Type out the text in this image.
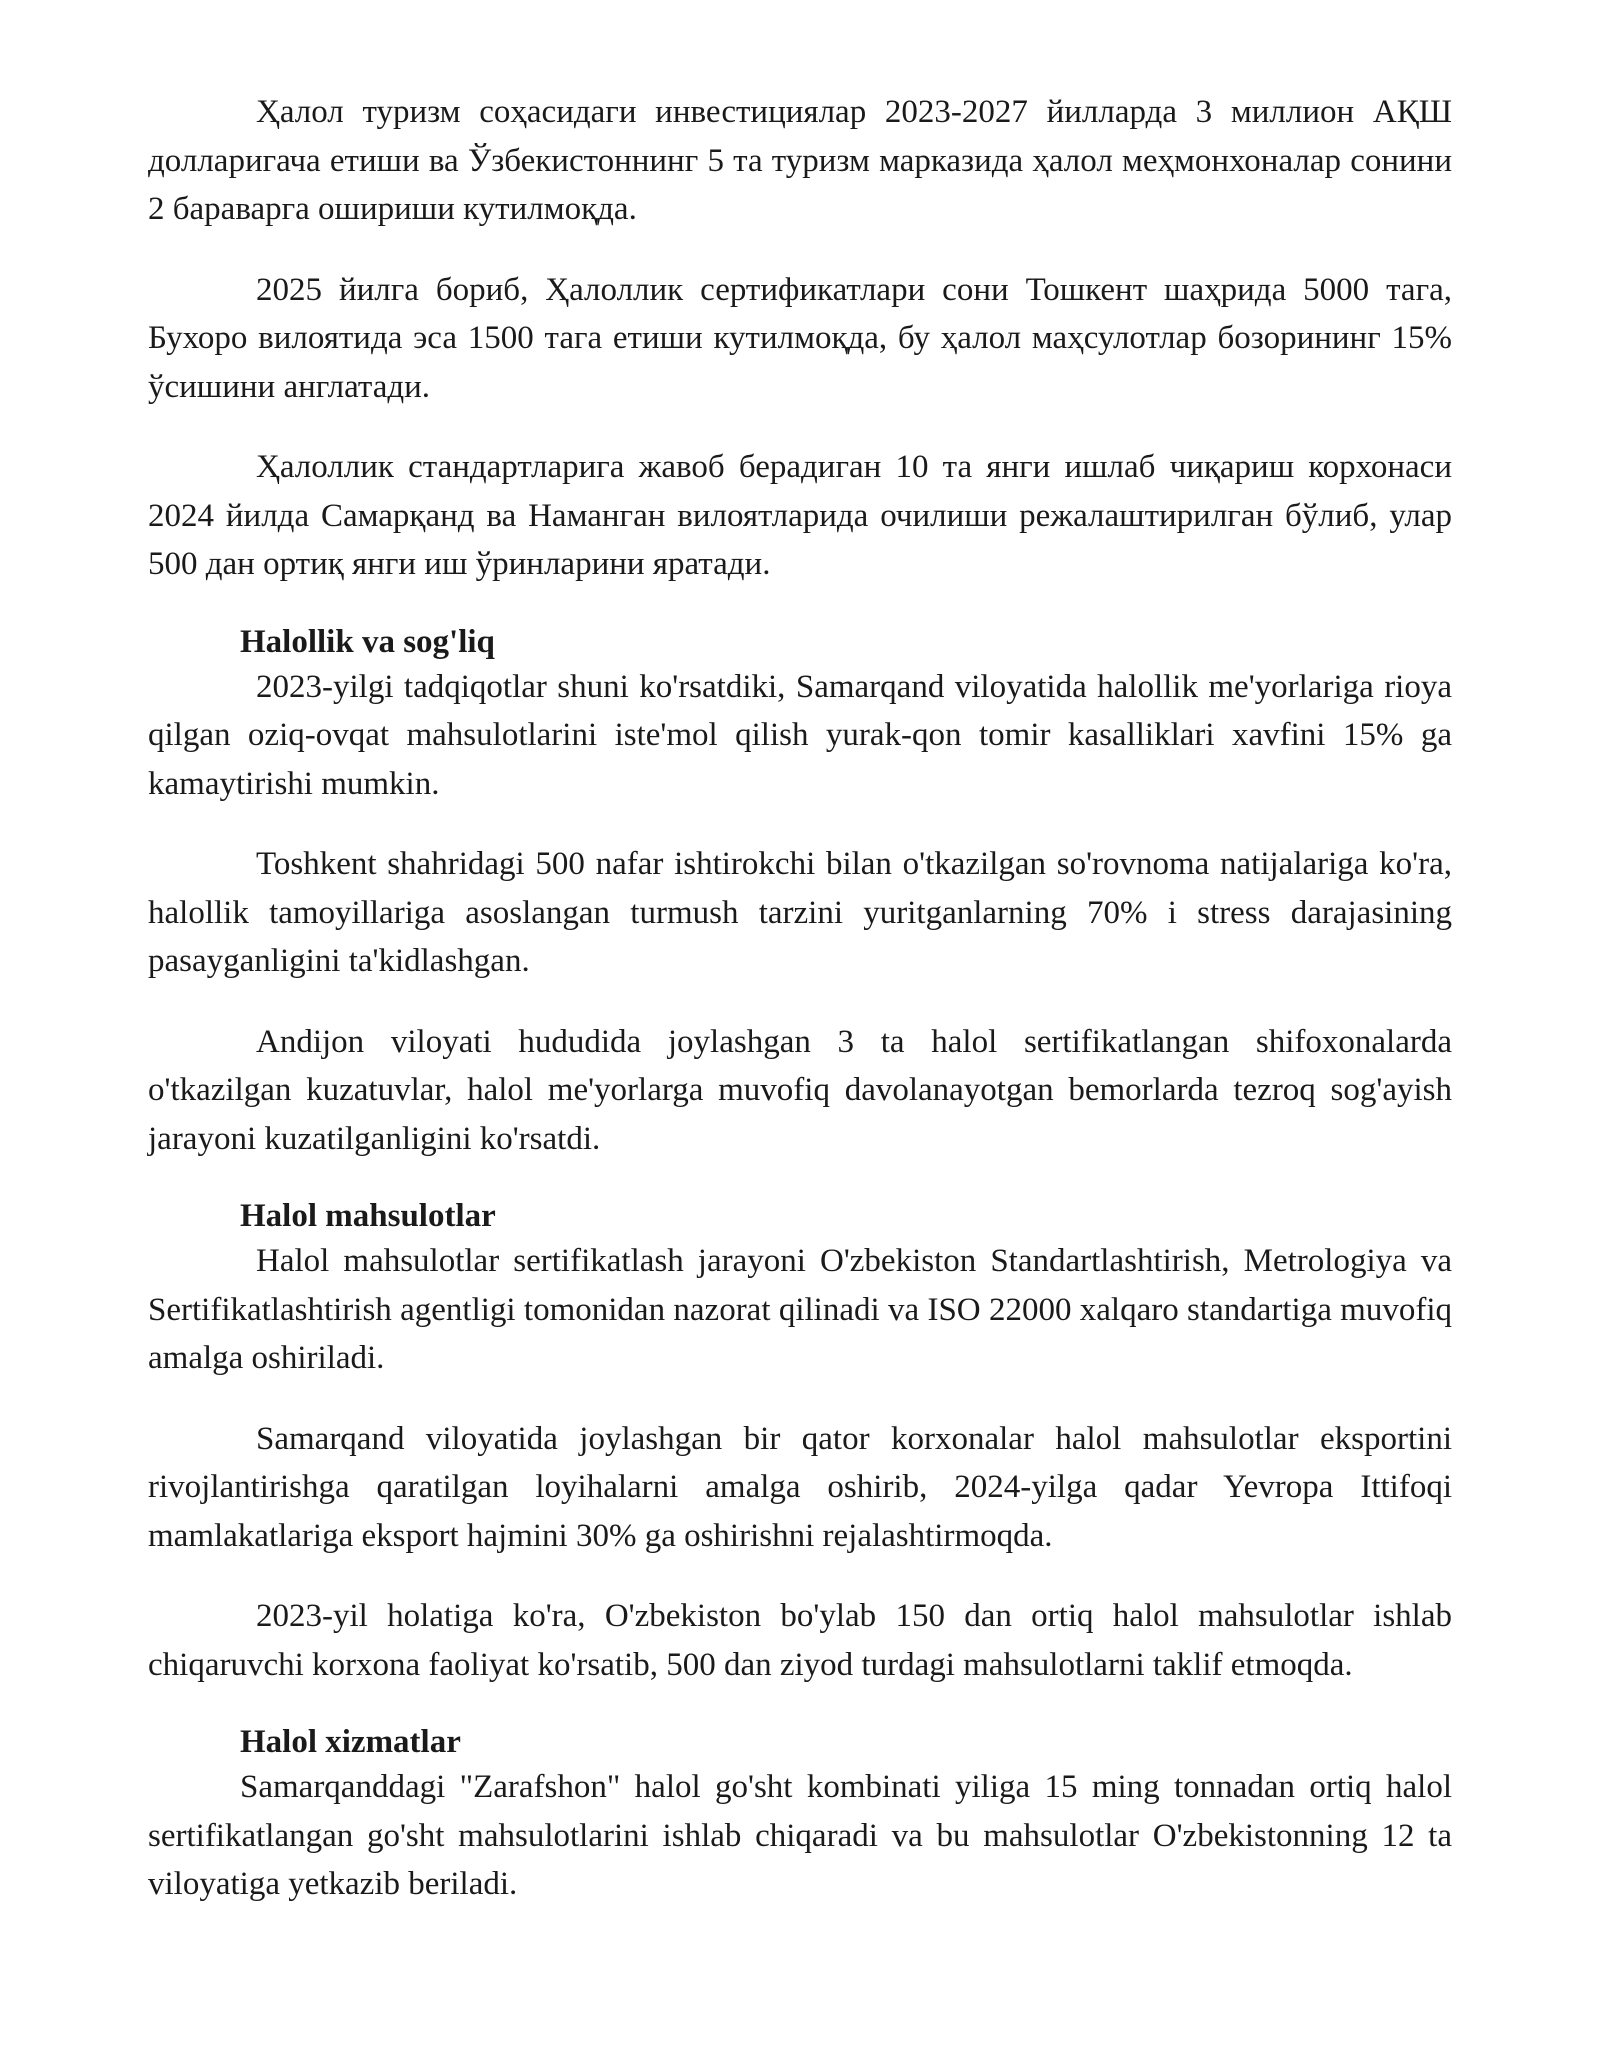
Ҳалол туризм соҳасидаги инвестициялар 2023-2027 йилларда 3 миллион АҚШ долларигача етиши ва Ўзбекистоннинг 5 та туризм марказида ҳалол меҳмонхоналар сонини 2 бараварга ошириши кутилмоқда.

2025 йилга бориб, Ҳалоллик сертификатлари сони Тошкент шаҳрида 5000 тага, Бухоро вилоятида эса 1500 тага етиши кутилмоқда, бу ҳалол маҳсулотлар бозорининг 15% ўсишини англатади.

Ҳалоллик стандартларига жавоб берадиган 10 та янги ишлаб чиқариш корхонаси 2024 йилда Самарқанд ва Наманган вилоятларида очилиши режалаштирилган бўлиб, улар 500 дан ортиқ янги иш ўринларини яратади.

Halollik va sog'liq

2023-yilgi tadqiqotlar shuni ko'rsatdiki, Samarqand viloyatida halollik me'yorlariga rioya qilgan oziq-ovqat mahsulotlarini iste'mol qilish yurak-qon tomir kasalliklari xavfini 15% ga kamaytirishi mumkin.

Toshkent shahridagi 500 nafar ishtirokchi bilan o'tkazilgan so'rovnoma natijalariga ko'ra, halollik tamoyillariga asoslangan turmush tarzini yuritganlarning 70% i stress darajasining pasayganligini ta'kidlashgan.

Andijon viloyati hududida joylashgan 3 ta halol sertifikatlangan shifoxonalarda o'tkazilgan kuzatuvlar, halol me'yorlarga muvofiq davolanayotgan bemorlarda tezroq sog'ayish jarayoni kuzatilganligini ko'rsatdi.

Halol mahsulotlar

Halol mahsulotlar sertifikatlash jarayoni O'zbekiston Standartlashtirish, Metrologiya va Sertifikatlashtirish agentligi tomonidan nazorat qilinadi va ISO 22000 xalqaro standartiga muvofiq amalga oshiriladi.

Samarqand viloyatida joylashgan bir qator korxonalar halol mahsulotlar eksportini rivojlantirishga qaratilgan loyihalarni amalga oshirib, 2024-yilga qadar Yevropa Ittifoqi mamlakatlariga eksport hajmini 30% ga oshirishni rejalashtirmoqda.

2023-yil holatiga ko'ra, O'zbekiston bo'ylab 150 dan ortiq halol mahsulotlar ishlab chiqaruvchi korxona faoliyat ko'rsatib, 500 dan ziyod turdagi mahsulotlarni taklif etmoqda.

Halol xizmatlar

Samarqanddagi "Zarafshon" halol go'sht kombinati yiliga 15 ming tonnadan ortiq halol sertifikatlangan go'sht mahsulotlarini ishlab chiqaradi va bu mahsulotlar O'zbekistonning 12 ta viloyatiga yetkazib beriladi.
